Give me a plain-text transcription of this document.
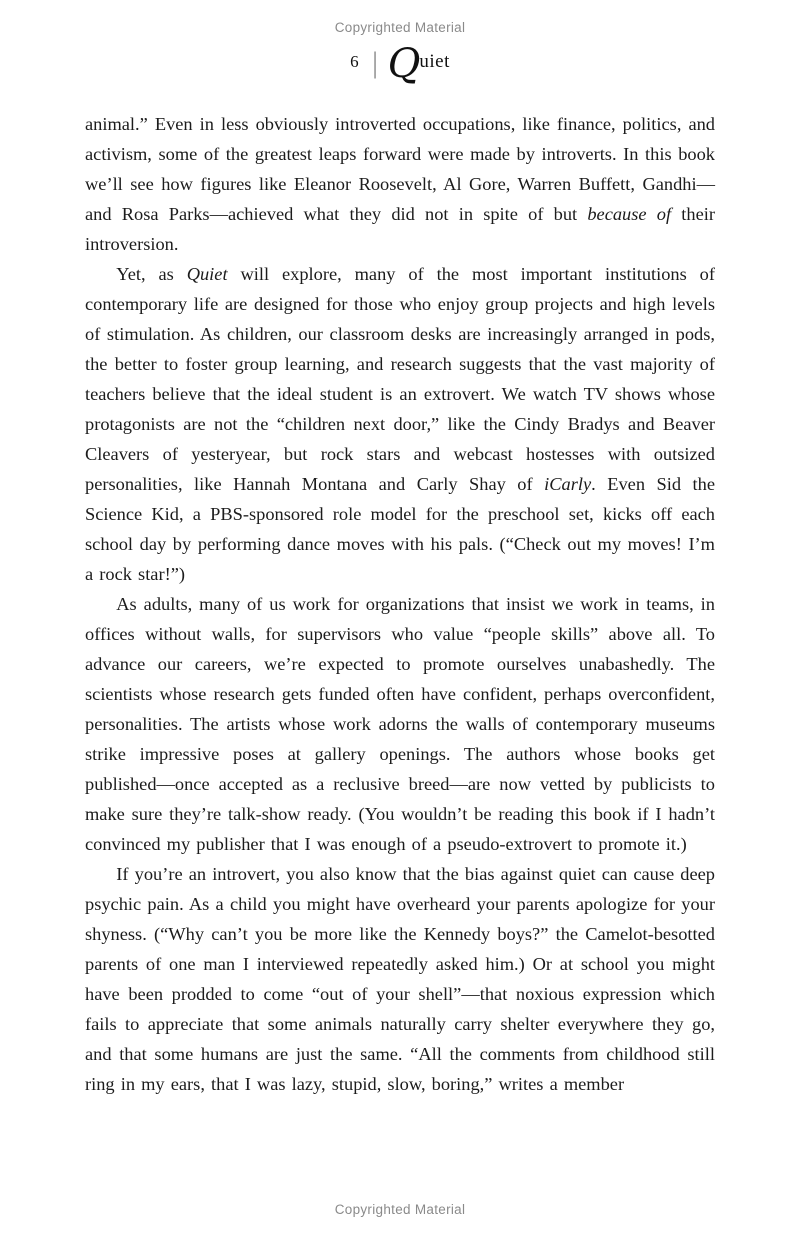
Copyrighted Material
6 | Quiet

animal.” Even in less obviously introverted occupations, like finance, politics, and activism, some of the greatest leaps forward were made by introverts. In this book we’ll see how figures like Eleanor Roosevelt, Al Gore, Warren Buffett, Gandhi—and Rosa Parks—achieved what they did not in spite of but because of their introversion.

Yet, as Quiet will explore, many of the most important institutions of contemporary life are designed for those who enjoy group projects and high levels of stimulation. As children, our classroom desks are increasingly arranged in pods, the better to foster group learning, and research suggests that the vast majority of teachers believe that the ideal student is an extrovert. We watch TV shows whose protagonists are not the “children next door,” like the Cindy Bradys and Beaver Cleavers of yesteryear, but rock stars and webcast hostesses with outsized personalities, like Hannah Montana and Carly Shay of iCarly. Even Sid the Science Kid, a PBS-sponsored role model for the preschool set, kicks off each school day by performing dance moves with his pals. (“Check out my moves! I’m a rock star!”)

As adults, many of us work for organizations that insist we work in teams, in offices without walls, for supervisors who value “people skills” above all. To advance our careers, we’re expected to promote ourselves unabashedly. The scientists whose research gets funded often have confident, perhaps overconfident, personalities. The artists whose work adorns the walls of contemporary museums strike impressive poses at gallery openings. The authors whose books get published—once accepted as a reclusive breed—are now vetted by publicists to make sure they’re talk-show ready. (You wouldn’t be reading this book if I hadn’t convinced my publisher that I was enough of a pseudo-extrovert to promote it.)

If you’re an introvert, you also know that the bias against quiet can cause deep psychic pain. As a child you might have overheard your parents apologize for your shyness. (“Why can’t you be more like the Kennedy boys?” the Camelot-besotted parents of one man I interviewed repeatedly asked him.) Or at school you might have been prodded to come “out of your shell”—that noxious expression which fails to appreciate that some animals naturally carry shelter everywhere they go, and that some humans are just the same. “All the comments from childhood still ring in my ears, that I was lazy, stupid, slow, boring,” writes a member

Copyrighted Material
